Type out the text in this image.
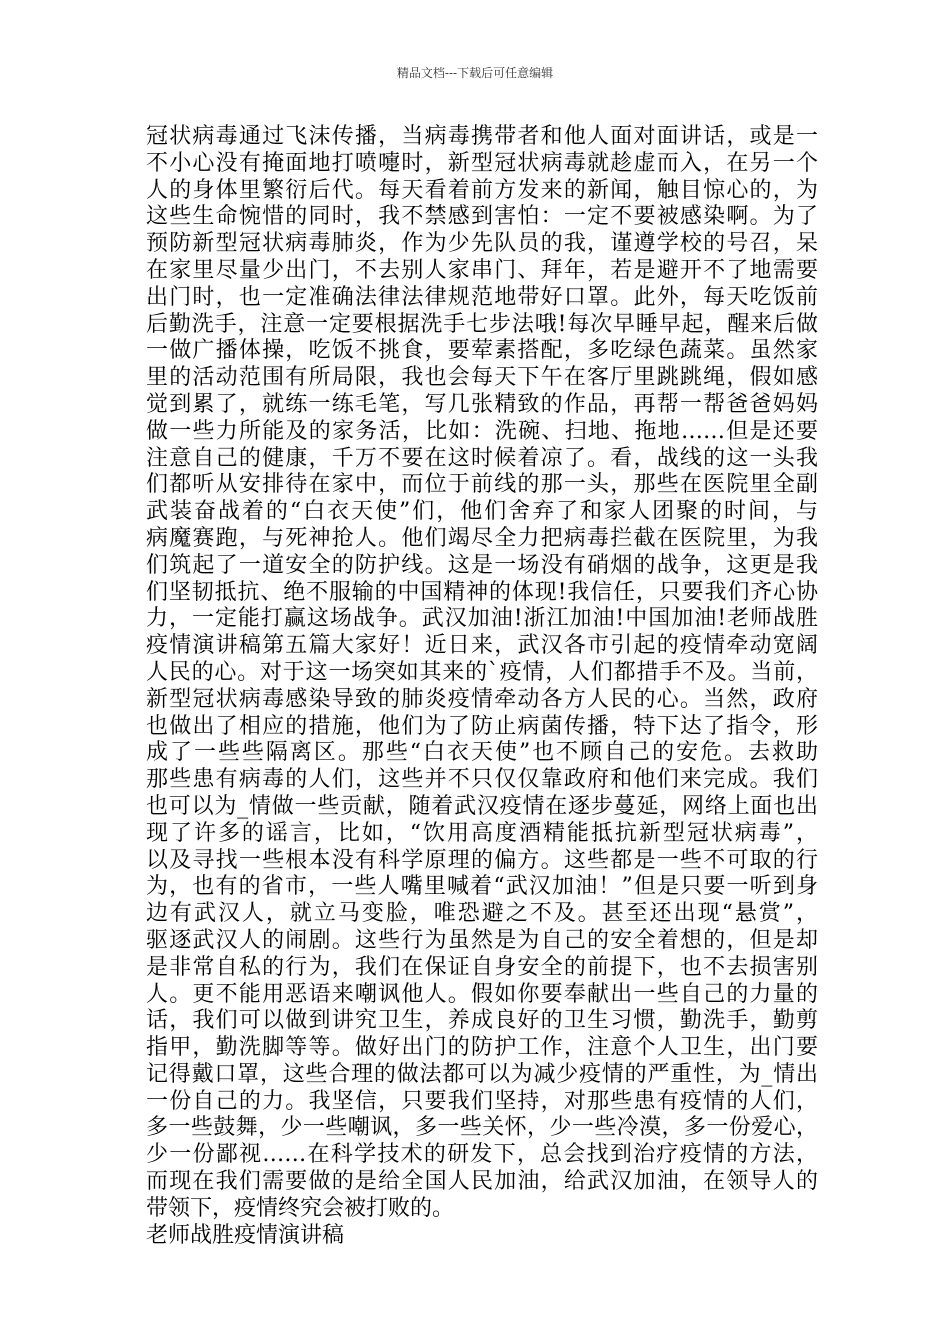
精品文档---下载后可任意编辑
冠状病毒通过飞沫传播，当病毒携带者和他人面对面讲话，或是一
不小心没有掩面地打喷嚏时，新型冠状病毒就趁虚而入，在另一个
人的身体里繁衍后代。每天看着前方发来的新闻，触目惊心的，为
这些生命惋惜的同时，我不禁感到害怕：一定不要被感染啊。为了
预防新型冠状病毒肺炎，作为少先队员的我，谨遵学校的号召，呆
在家里尽量少出门，不去别人家串门、拜年，若是避开不了地需要
出门时，也一定准确法律法律规范地带好口罩。此外，每天吃饭前
后勤洗手，注意一定要根据洗手七步法哦!每次早睡早起，醒来后做
一做广播体操，吃饭不挑食，要荤素搭配，多吃绿色蔬菜。虽然家
里的活动范围有所局限，我也会每天下午在客厅里跳跳绳，假如感
觉到累了，就练一练毛笔，写几张精致的作品，再帮一帮爸爸妈妈
做一些力所能及的家务活，比如：洗碗、扫地、拖地……但是还要
注意自己的健康，千万不要在这时候着凉了。看，战线的这一头我
们都听从安排待在家中，而位于前线的那一头，那些在医院里全副
武装奋战着的“白衣天使”们，他们舍弃了和家人团聚的时间，与
病魔赛跑，与死神抢人。他们竭尽全力把病毒拦截在医院里，为我
们筑起了一道安全的防护线。这是一场没有硝烟的战争，这更是我
们坚韧抵抗、绝不服输的中国精神的体现!我信任，只要我们齐心协
力，一定能打赢这场战争。武汉加油!浙江加油!中国加油!老师战胜
疫情演讲稿第五篇大家好！近日来，武汉各市引起的疫情牵动宽阔
人民的心。对于这一场突如其来的`疫情，人们都措手不及。当前，
新型冠状病毒感染导致的肺炎疫情牵动各方人民的心。当然，政府
也做出了相应的措施，他们为了防止病菌传播，特下达了指令，形
成了一些些隔离区。那些“白衣天使”也不顾自己的安危。去救助
那些患有病毒的人们，这些并不只仅仅靠政府和他们来完成。我们
也可以为_情做一些贡献，随着武汉疫情在逐步蔓延，网络上面也出
现了许多的谣言，比如，“饮用高度酒精能抵抗新型冠状病毒”，
以及寻找一些根本没有科学原理的偏方。这些都是一些不可取的行
为，也有的省市，一些人嘴里喊着“武汉加油！”但是只要一听到身
边有武汉人，就立马变脸，唯恐避之不及。甚至还出现“悬赏”，
驱逐武汉人的闹剧。这些行为虽然是为自己的安全着想的，但是却
是非常自私的行为，我们在保证自身安全的前提下，也不去损害别
人。更不能用恶语来嘲讽他人。假如你要奉献出一些自己的力量的
话，我们可以做到讲究卫生，养成良好的卫生习惯，勤洗手，勤剪
指甲，勤洗脚等等。做好出门的防护工作，注意个人卫生，出门要
记得戴口罩，这些合理的做法都可以为减少疫情的严重性，为_情出
一份自己的力。我坚信，只要我们坚持，对那些患有疫情的人们，
多一些鼓舞，少一些嘲讽，多一些关怀，少一些冷漠，多一份爱心，
少一份鄙视……在科学技术的研发下，总会找到治疗疫情的方法，
而现在我们需要做的是给全国人民加油，给武汉加油，在领导人的
带领下，疫情终究会被打败的。
老师战胜疫情演讲稿
